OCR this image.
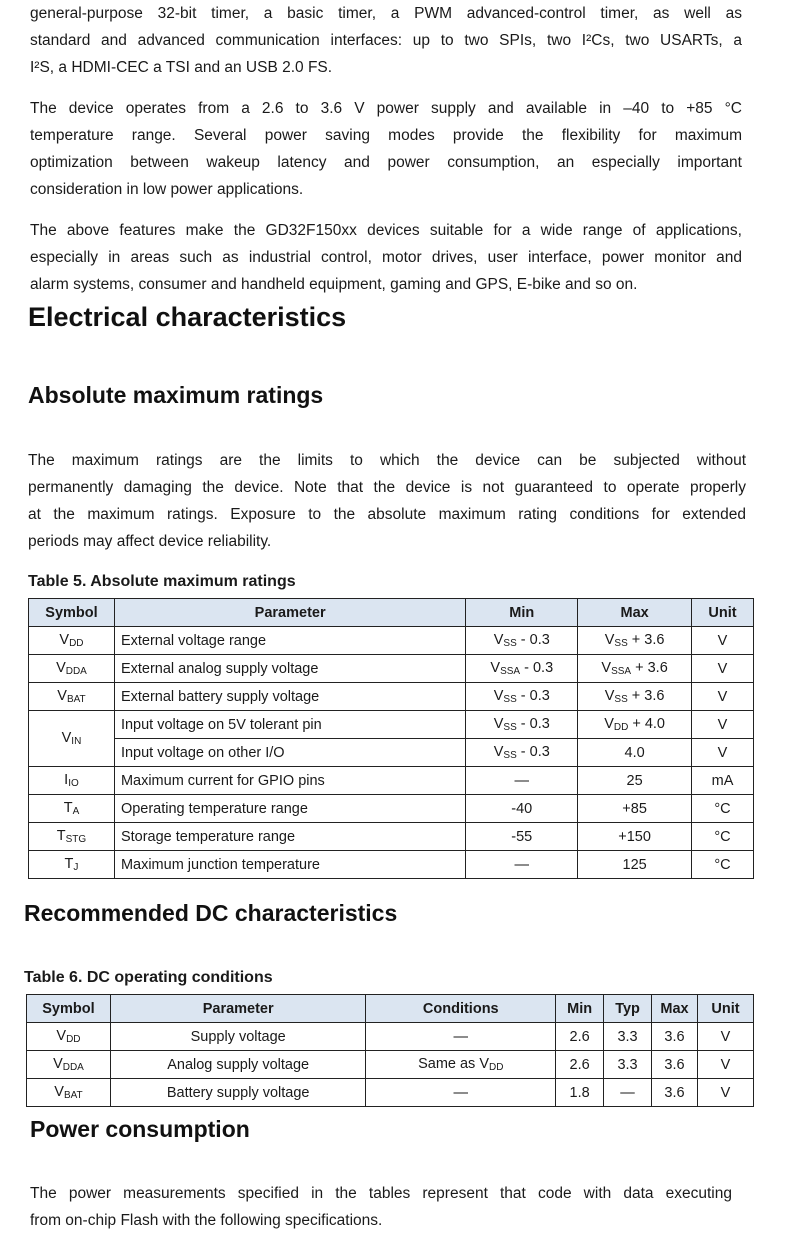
general-purpose 32-bit timer, a basic timer, a PWM advanced-control timer, as well as
standard and advanced communication interfaces: up to two SPIs, two I²Cs, two USARTs, a
I²S, a HDMI-CEC a TSI and an USB 2.0 FS.
The device operates from a 2.6 to 3.6 V power supply and available in –40 to +85 °C
temperature range. Several power saving modes provide the flexibility for maximum
optimization between wakeup latency and power consumption, an especially important
consideration in low power applications.
The above features make the GD32F150xx devices suitable for a wide range of applications,
especially in areas such as industrial control, motor drives, user interface, power monitor and
alarm systems, consumer and handheld equipment, gaming and GPS, E-bike and so on.
Electrical characteristics
Absolute maximum ratings
The maximum ratings are the limits to which the device can be subjected without
permanently damaging the device. Note that the device is not guaranteed to operate properly
at the maximum ratings. Exposure to the absolute maximum rating conditions for extended
periods may affect device reliability.
Table 5. Absolute maximum ratings
Symbol	Parameter	Min	Max	Unit
$V_{DD}$	External voltage range	$V_{SS} - 0.3$	$V_{SS} + 3.6$	V
$V_{DDA}$	External analog supply voltage	$V_{SSA} - 0.3$	$V_{SSA} + 3.6$	V
$V_{BAT}$	External battery supply voltage	$V_{SS} - 0.3$	$V_{SS} + 3.6$	V
$V_{IN}$	Input voltage on 5V tolerant pin	$V_{SS} - 0.3$	$V_{DD} + 4.0$	V
	Input voltage on other I/O	$V_{SS} - 0.3$	4.0	V
$I_{IO}$	Maximum current for GPIO pins	—	25	mA
$T_A$	Operating temperature range	-40	+85	°C
$T_{STG}$	Storage temperature range	-55	+150	°C
$T_J$	Maximum junction temperature	—	125	°C
Recommended DC characteristics
Table 6. DC operating conditions
Symbol	Parameter	Conditions	Min	Typ	Max	Unit
$V_{DD}$	Supply voltage	—	2.6	3.3	3.6	V
$V_{DDA}$	Analog supply voltage	Same as $V_{DD}$	2.6	3.3	3.6	V
$V_{BAT}$	Battery supply voltage	—	1.8	—	3.6	V
Power consumption
The power measurements specified in the tables represent that code with data executing
from on-chip Flash with the following specifications.
